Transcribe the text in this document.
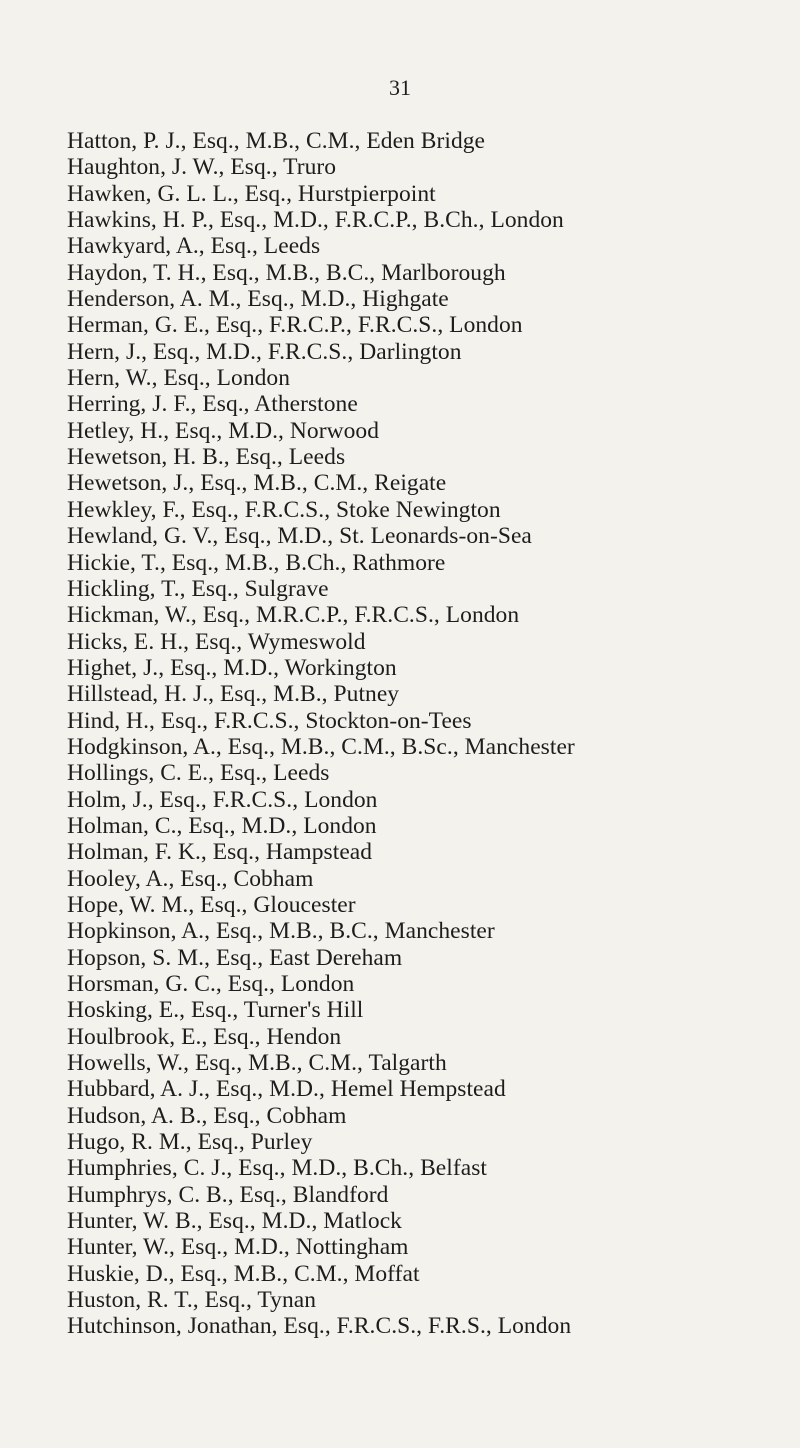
31
Hatton, P. J., Esq., M.B., C.M., Eden Bridge
Haughton, J. W., Esq., Truro
Hawken, G. L. L., Esq., Hurstpierpoint
Hawkins, H. P., Esq., M.D., F.R.C.P., B.Ch., London
Hawkyard, A., Esq., Leeds
Haydon, T. H., Esq., M.B., B.C., Marlborough
Henderson, A. M., Esq., M.D., Highgate
Herman, G. E., Esq., F.R.C.P., F.R.C.S., London
Hern, J., Esq., M.D., F.R.C.S., Darlington
Hern, W., Esq., London
Herring, J. F., Esq., Atherstone
Hetley, H., Esq., M.D., Norwood
Hewetson, H. B., Esq., Leeds
Hewetson, J., Esq., M.B., C.M., Reigate
Hewkley, F., Esq., F.R.C.S., Stoke Newington
Hewland, G. V., Esq., M.D., St. Leonards-on-Sea
Hickie, T., Esq., M.B., B.Ch., Rathmore
Hickling, T., Esq., Sulgrave
Hickman, W., Esq., M.R.C.P., F.R.C.S., London
Hicks, E. H., Esq., Wymeswold
Highet, J., Esq., M.D., Workington
Hillstead, H. J., Esq., M.B., Putney
Hind, H., Esq., F.R.C.S., Stockton-on-Tees
Hodgkinson, A., Esq., M.B., C.M., B.Sc., Manchester
Hollings, C. E., Esq., Leeds
Holm, J., Esq., F.R.C.S., London
Holman, C., Esq., M.D., London
Holman, F. K., Esq., Hampstead
Hooley, A., Esq., Cobham
Hope, W. M., Esq., Gloucester
Hopkinson, A., Esq., M.B., B.C., Manchester
Hopson, S. M., Esq., East Dereham
Horsman, G. C., Esq., London
Hosking, E., Esq., Turner's Hill
Houlbrook, E., Esq., Hendon
Howells, W., Esq., M.B., C.M., Talgarth
Hubbard, A. J., Esq., M.D., Hemel Hempstead
Hudson, A. B., Esq., Cobham
Hugo, R. M., Esq., Purley
Humphries, C. J., Esq., M.D., B.Ch., Belfast
Humphrys, C. B., Esq., Blandford
Hunter, W. B., Esq., M.D., Matlock
Hunter, W., Esq., M.D., Nottingham
Huskie, D., Esq., M.B., C.M., Moffat
Huston, R. T., Esq., Tynan
Hutchinson, Jonathan, Esq., F.R.C.S., F.R.S., London
